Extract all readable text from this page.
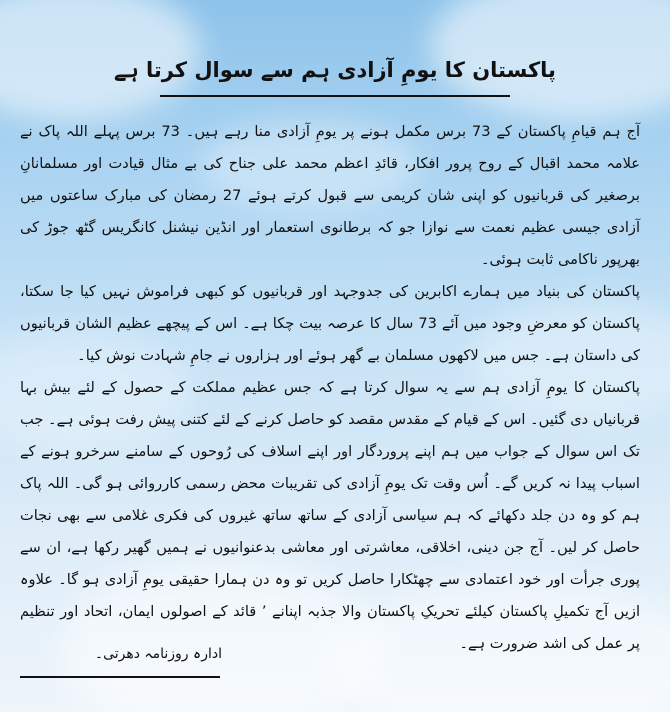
پاکستان کا یومِ آزادی ہم سے سوال کرتا ہے

آج ہم قیامِ پاکستان کے 73 برس مکمل ہونے پر یومِ آزادی منا رہے ہیں۔ 73 برس پہلے اللہ پاک نے علامہ محمد اقبال کے روح پرور افکار، قائدِ اعظم محمد علی جناح کی بے مثال قیادت اور مسلمانانِ برصغیر کی قربانیوں کو اپنی شان کریمی سے قبول کرتے ہوئے 27 رمضان کی مبارک ساعتوں میں آزادی جیسی عظیم نعمت سے نوازا جو کہ برطانوی استعمار اور انڈین نیشنل کانگریس گٹھ جوڑ کی بھرپور ناکامی ثابت ہوئی۔

پاکستان کی بنیاد میں ہمارے اکابرین کی جدوجہد اور قربانیوں کو کبھی فراموش نہیں کیا جا سکتا، پاکستان کو معرضِ وجود میں آئے 73 سال کا عرصہ بیت چکا ہے۔ اس کے پیچھے عظیم الشان قربانیوں کی داستان ہے۔ جس میں لاکھوں مسلمان بے گھر ہوئے اور ہزاروں نے جامِ شہادت نوش کیا۔

پاکستان کا یومِ آزادی ہم سے یہ سوال کرتا ہے کہ جس عظیم مملکت کے حصول کے لئے بیش بہا قربانیاں دی گئیں۔ اس کے قیام کے مقدس مقصد کو حاصل کرنے کے لئے کتنی پیش رفت ہوئی ہے۔ جب تک اس سوال کے جواب میں ہم اپنے پروردگار اور اپنے اسلاف کی رُوحوں کے سامنے سرخرو ہونے کے اسباب پیدا نہ کریں گے۔ اُس وقت تک یومِ آزادی کی تقریبات محض رسمی کارروائی ہو گی۔ اللہ پاک ہم کو وہ دن جلد دکھائے کہ ہم سیاسی آزادی کے ساتھ ساتھ غیروں کی فکری غلامی سے بھی نجات حاصل کر لیں۔ آج جن دینی، اخلاقی، معاشرتی اور معاشی بدعنوانیوں نے ہمیں گھیر رکھا ہے، ان سے پوری جرأت اور خود اعتمادی سے چھٹکارا حاصل کریں تو وہ دن ہمارا حقیقی یومِ آزادی ہو گا۔ علاوہ ازیں آج تکمیلِ پاکستان کیلئے تحریکِ پاکستان والا جذبہ اپنانے ’ قائد کے اصولوں ایمان، اتحاد اور تنظیم پر عمل کی اشد ضرورت ہے۔

ادارہ روزنامہ دھرتی۔
